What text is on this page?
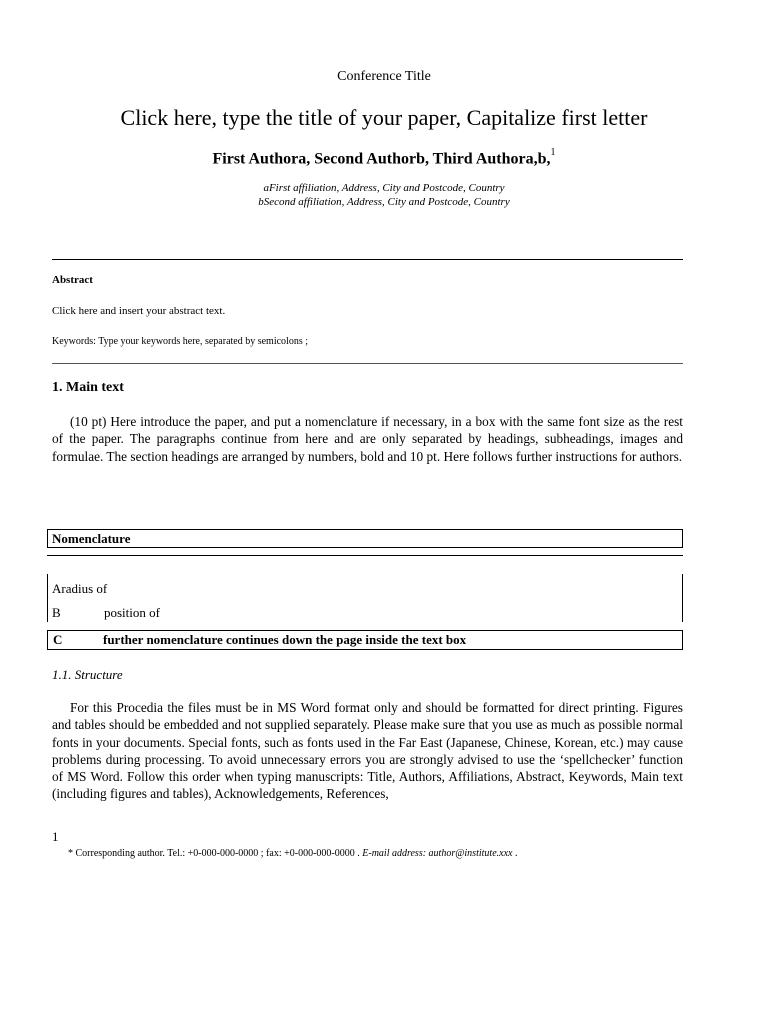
Conference Title
Click here, type the title of your paper, Capitalize first letter
First Authora, Second Authorb, Third Authora,b,$^1$
aFirst affiliation, Address, City and Postcode, Country
bSecond affiliation, Address, City and Postcode, Country
Abstract
Click here and insert your abstract text.
Keywords: Type your keywords here, separated by semicolons ;
1. Main text

(10 pt) Here introduce the paper, and put a nomenclature if necessary, in a box with the same font size as the rest of the paper. The paragraphs continue from here and are only separated by headings, subheadings, images and formulae. The section headings are arranged by numbers, bold and 10 pt. Here follows further instructions for authors.

Nomenclature
Aradius of
B	position of
C	further nomenclature continues down the page inside the text box
1.1. Structure

For this Procedia the files must be in MS Word format only and should be formatted for direct printing. Figures and tables should be embedded and not supplied separately. Please make sure that you use as much as possible normal fonts in your documents. Special fonts, such as fonts used in the Far East (Japanese, Chinese, Korean, etc.) may cause problems during processing. To avoid unnecessary errors you are strongly advised to use the ‘spellchecker’ function of MS Word. Follow this order when typing manuscripts: Title, Authors, Affiliations, Abstract, Keywords, Main text (including figures and tables), Acknowledgements, References,

1
* Corresponding author. Tel.: +0-000-000-0000 ; fax: +0-000-000-0000 . E-mail address: author@institute.xxx .
